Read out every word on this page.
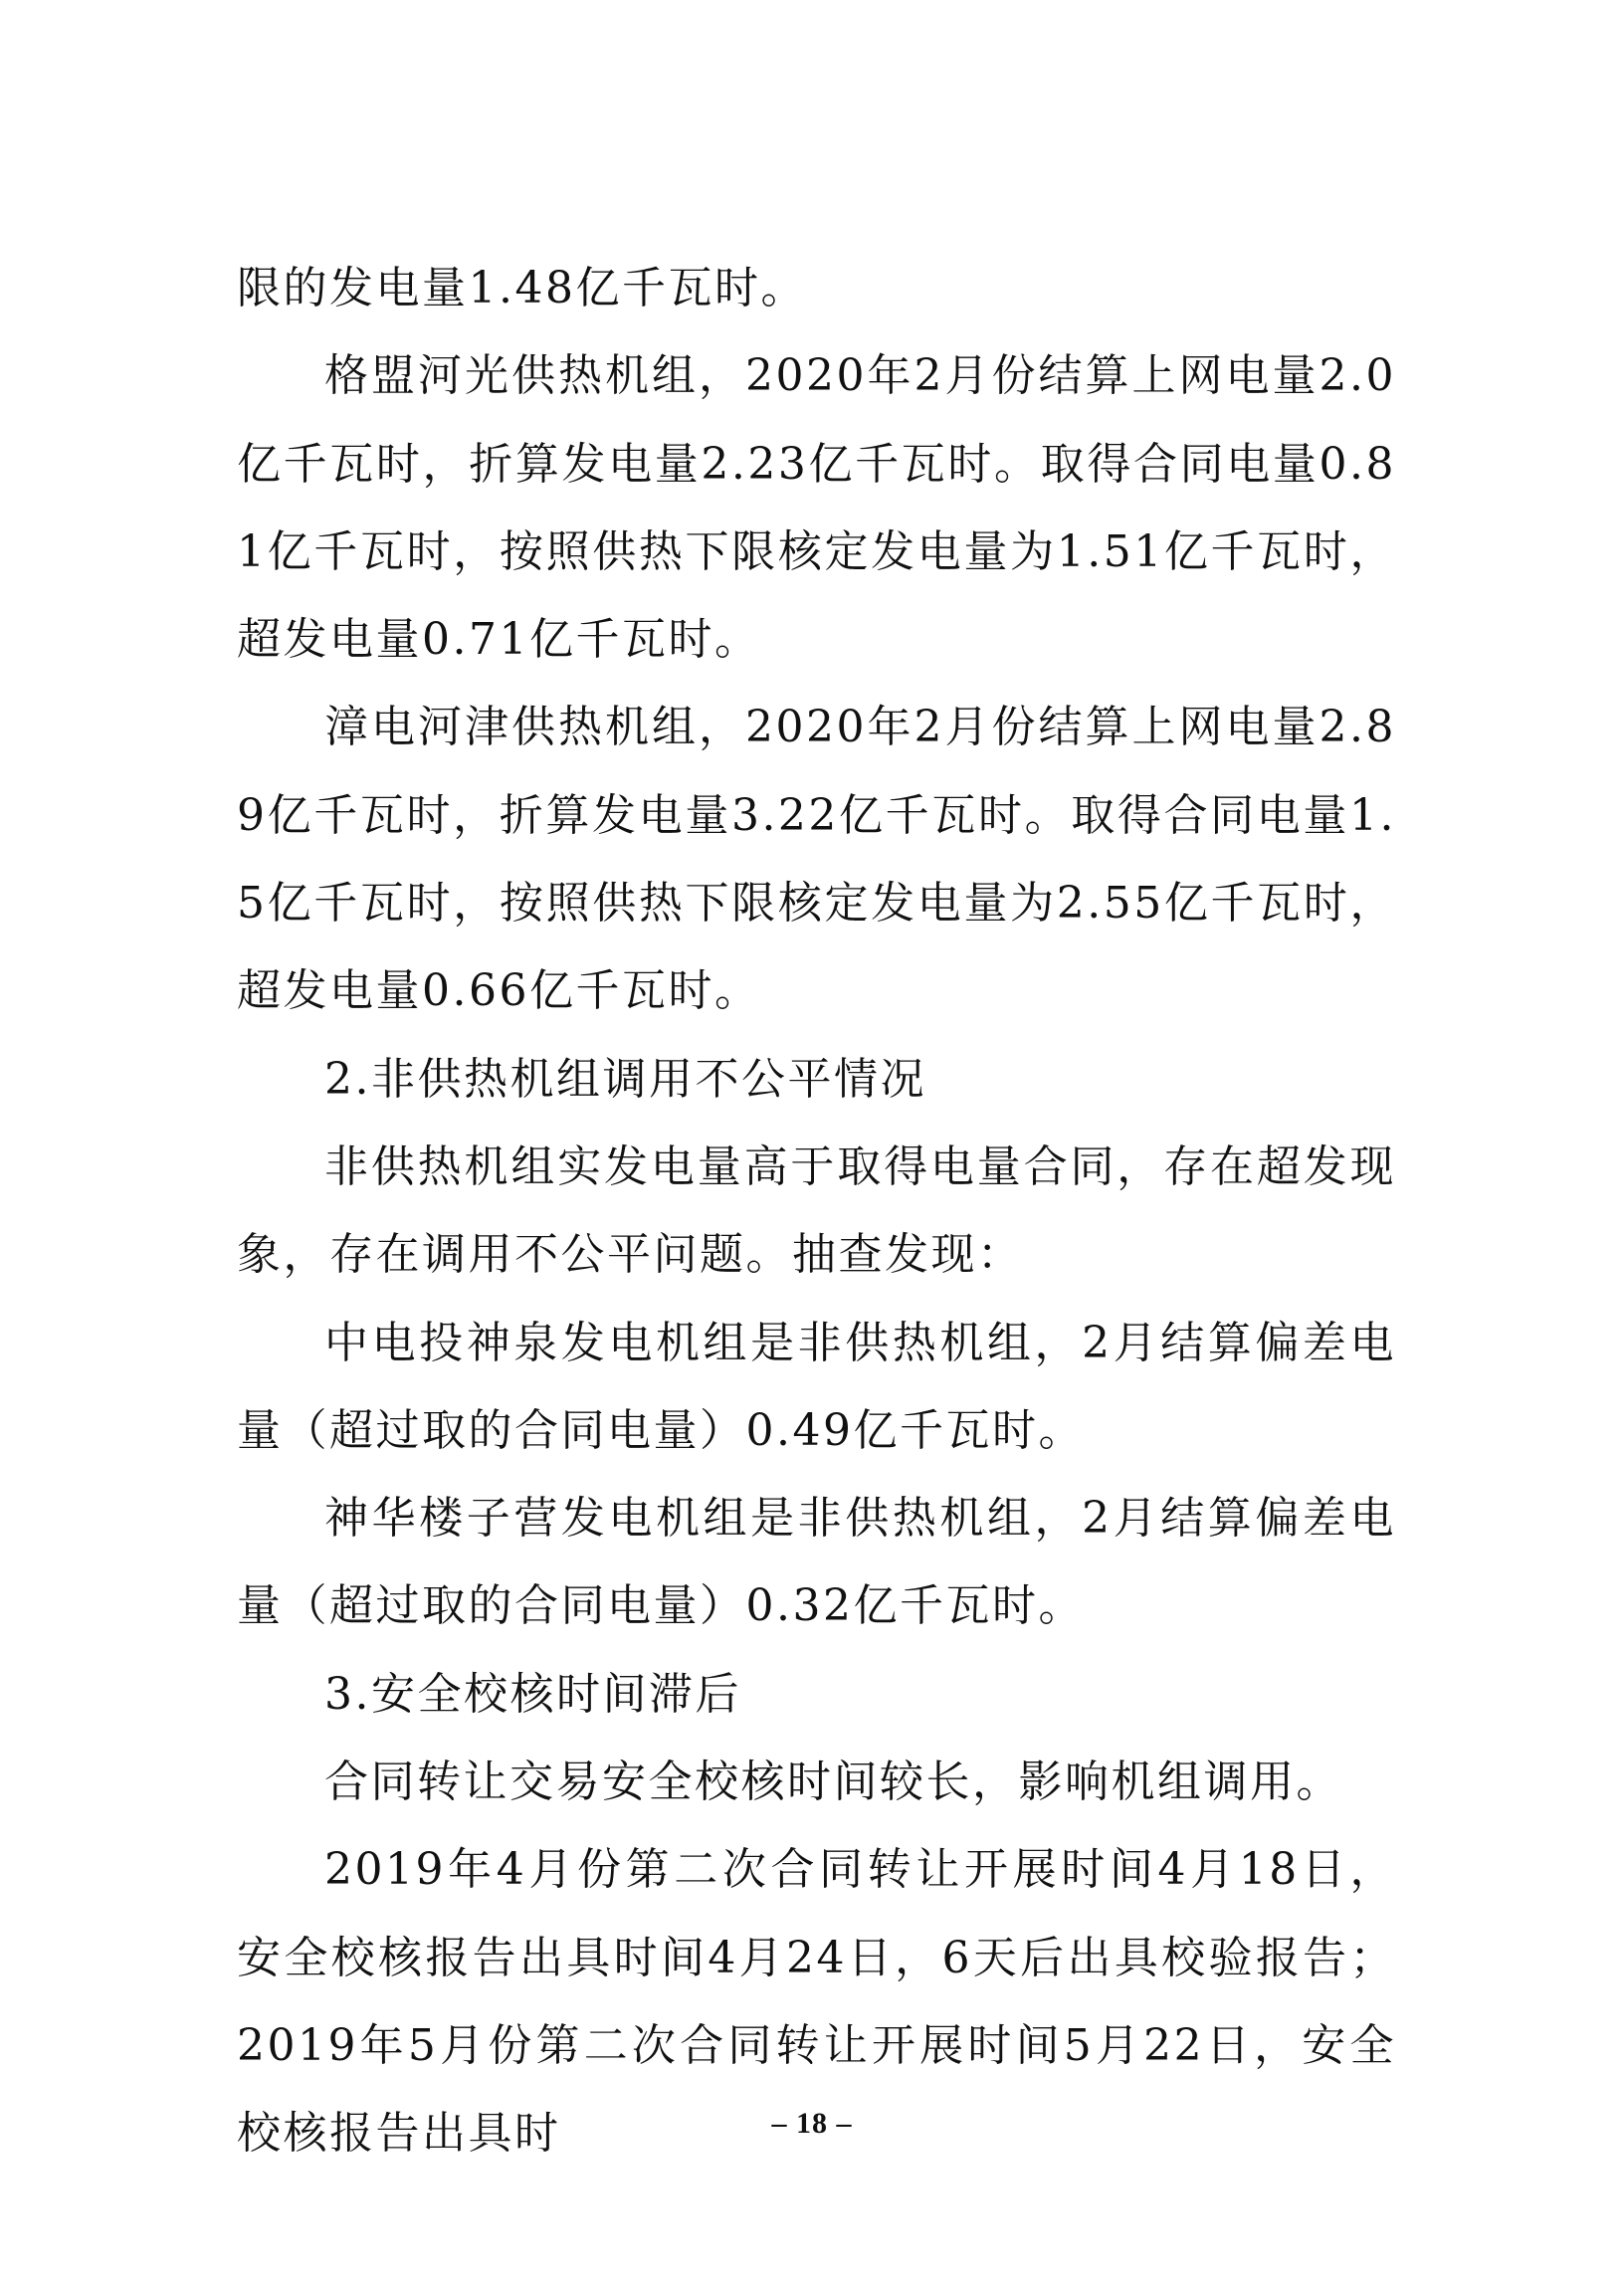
限的发电量1.48亿千瓦时。

格盟河光供热机组，2020年2月份结算上网电量2.0亿千瓦时，折算发电量2.23亿千瓦时。取得合同电量0.81亿千瓦时，按照供热下限核定发电量为1.51亿千瓦时，超发电量0.71亿千瓦时。

漳电河津供热机组，2020年2月份结算上网电量2.89亿千瓦时，折算发电量3.22亿千瓦时。取得合同电量1.5亿千瓦时，按照供热下限核定发电量为2.55亿千瓦时，超发电量0.66亿千瓦时。

2.非供热机组调用不公平情况

非供热机组实发电量高于取得电量合同，存在超发现象，存在调用不公平问题。抽查发现：

中电投神泉发电机组是非供热机组，2月结算偏差电量（超过取的合同电量）0.49亿千瓦时。

神华楼子营发电机组是非供热机组，2月结算偏差电量（超过取的合同电量）0.32亿千瓦时。

3.安全校核时间滞后

合同转让交易安全校核时间较长，影响机组调用。

2019年4月份第二次合同转让开展时间4月18日，安全校核报告出具时间4月24日，6天后出具校验报告；2019年5月份第二次合同转让开展时间5月22日，安全校核报告出具时	– 18 –
